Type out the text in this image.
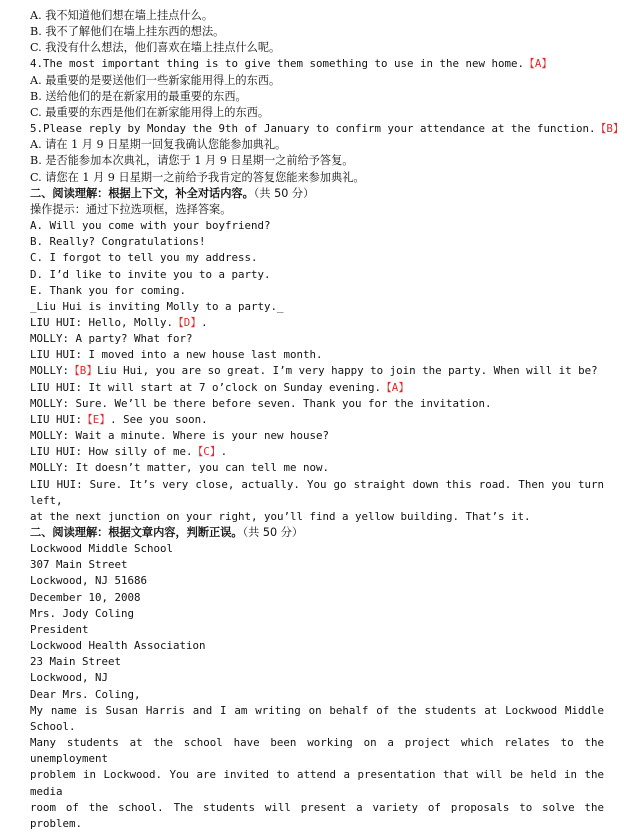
A. 我不知道他们想在墙上挂点什么。
B. 我不了解他们在墙上挂东西的想法。
C. 我没有什么想法，他们喜欢在墙上挂点什么呢。
4.The most important thing is to give them something to use in the new home.【A】
A. 最重要的是要送他们一些新家能用得上的东西。
B. 送给他们的是在新家用的最重要的东西。
C. 最重要的东西是他们在新家能用得上的东西。
5.Please reply by Monday the 9th of January to confirm your attendance at the function.【B】
A. 请在 1 月 9 日星期一回复我确认您能参加典礼。
B. 是否能参加本次典礼，请您于 1 月 9 日星期一之前给予答复。
C. 请您在 1 月 9 日星期一之前给予我肯定的答复您能来参加典礼。
二、阅读理解：根据上下文，补全对话内容。（共 50 分）
操作提示：通过下拉选项框，选择答案。
A. Will you come with your boyfriend?
B. Really? Congratulations!
C. I forgot to tell you my address.
D. I’d like to invite you to a party.
E. Thank you for coming.
_Liu Hui is inviting Molly to a party._
LIU HUI: Hello, Molly.【D】.
MOLLY: A party? What for?
LIU HUI: I moved into a new house last month.
MOLLY:【B】Liu Hui, you are so great. I’m very happy to join the party. When will it be?
LIU HUI: It will start at 7 o’clock on Sunday evening.【A】
MOLLY: Sure. We’ll be there before seven. Thank you for the invitation.
LIU HUI:【E】. See you soon.
MOLLY: Wait a minute. Where is your new house?
LIU HUI: How silly of me.【C】.
MOLLY: It doesn’t matter, you can tell me now.
LIU HUI: Sure. It’s very close, actually. You go straight down this road. Then you turn left,
at the next junction on your right, you’ll find a yellow building. That’s it.
二、阅读理解：根据文章内容，判断正误。（共 50 分）
Lockwood Middle School
307 Main Street
Lockwood, NJ 51686
December 10, 2008
Mrs. Jody Coling
President
Lockwood Health Association
23 Main Street
Lockwood, NJ
Dear Mrs. Coling,
My name is Susan Harris and I am writing on behalf of the students at Lockwood Middle School.
Many students at the school have been working on a project which relates to the unemployment
problem in Lockwood. You are invited to attend a presentation that will be held in the media
room of the school. The students will present a variety of proposals to solve the problem.
